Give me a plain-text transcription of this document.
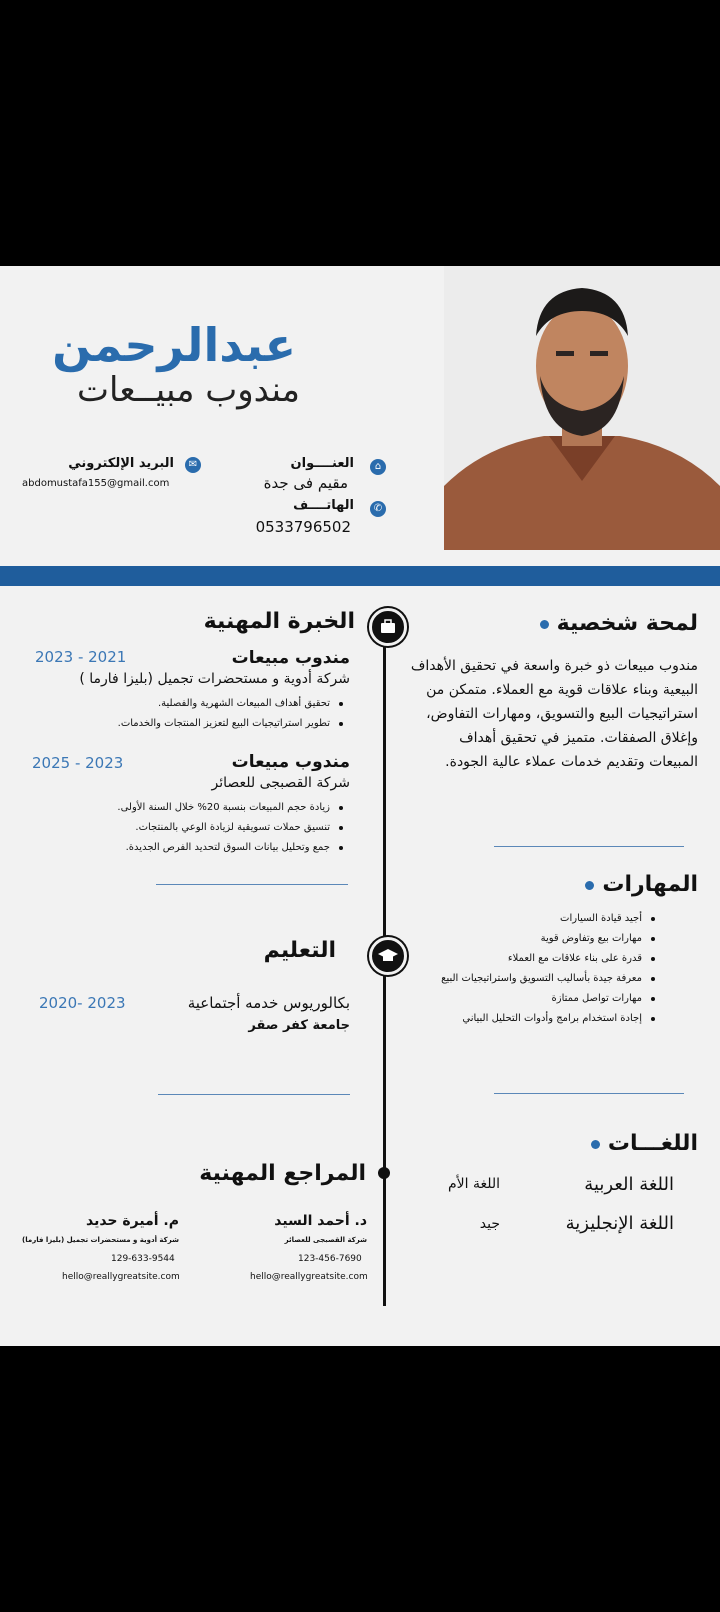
عبدالرحمن
مندوب مبيــعات
⌂
العنــــوان
مقيم فى جدة
✆
الهاتــــف
0533796502
✉
البريد الإلكتروني
abdomustafa155@gmail.com
لمحة شخصية
مندوب مبيعات ذو خبرة واسعة في تحقيق الأهداف البيعية وبناء علاقات قوية مع العملاء. متمكن من استراتيجيات البيع والتسويق، ومهارات التفاوض، وإغلاق الصفقات. متميز في تحقيق أهداف المبيعات وتقديم خدمات عملاء عالية الجودة.
المهارات
أجيد قيادة السيارات
مهارات بيع وتفاوض قوية
قدرة على بناء علاقات مع العملاء
معرفة جيدة بأساليب التسويق واستراتيجيات البيع
مهارات تواصل ممتازة
إجادة استخدام برامج وأدوات التحليل البياني
اللغـــات
اللغة العربية
اللغة الأم
اللغة الإنجليزية
جيد
الخبرة المهنية
مندوب مبيعات
2023 - 2021
شركة أدوية و مستحضرات تجميل (بليزا فارما )
تحقيق أهداف المبيعات الشهرية والفصلية.
تطوير استراتيجيات البيع لتعزيز المنتجات والخدمات.
مندوب مبيعات
2025 - 2023
شركة القصبجى للعصائر
زيادة حجم المبيعات بنسبة 20% خلال السنة الأولى.
تنسيق حملات تسويقية لزيادة الوعي بالمنتجات.
جمع وتحليل بيانات السوق لتحديد الفرص الجديدة.
التعليم
بكالوريوس خدمه أجتماعية
2020- 2023
جامعة كفر صقر
المراجع المهنية
د. أحمد السيد
شركة القصبجى للعصائر
123-456-7690
hello@reallygreatsite.com
م. أميرة حديد
شركة أدوية و مستحضرات تجميل (بليزا فارما)
129-633-9544
hello@reallygreatsite.com
